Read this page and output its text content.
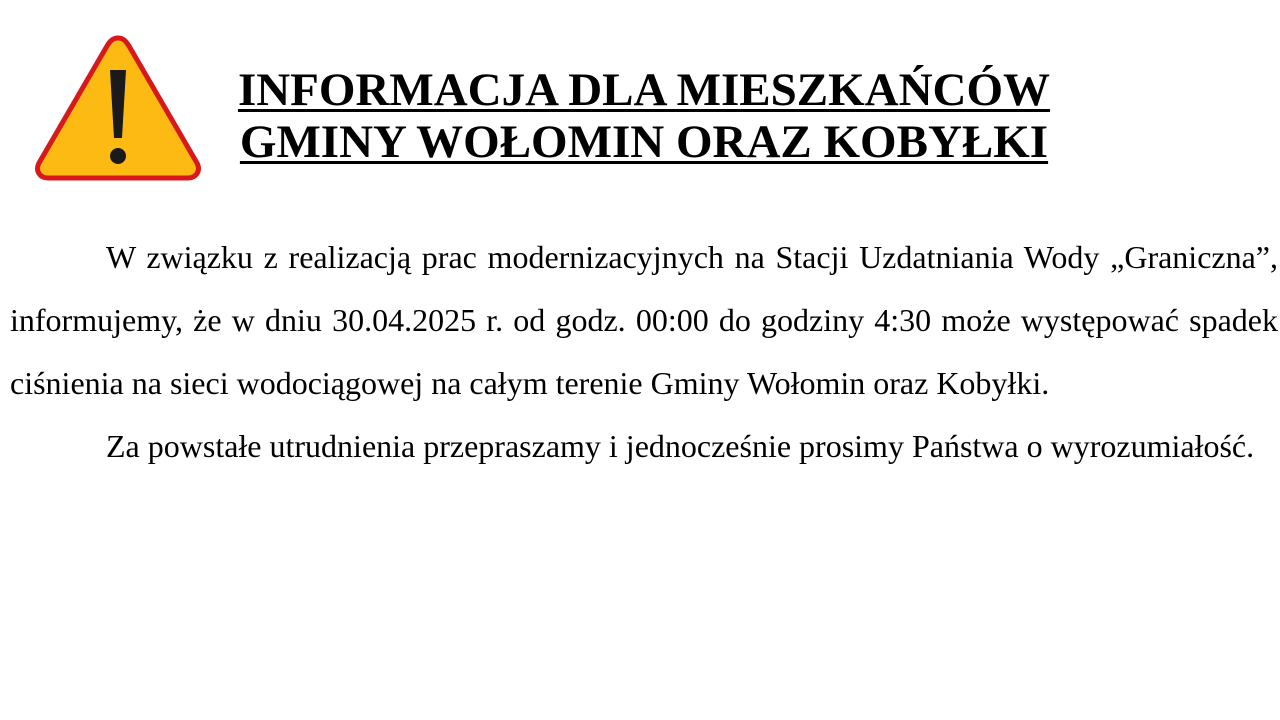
INFORMACJA DLA MIESZKAŃCÓW
GMINY WOŁOMIN ORAZ KOBYŁKI

W związku z realizacją prac modernizacyjnych na Stacji Uzdatniania Wody „Graniczna”, informujemy, że w dniu 30.04.2025 r. od godz. 00:00 do godziny 4:30 może występować spadek ciśnienia na sieci wodociągowej na całym terenie Gminy Wołomin oraz Kobyłki.

Za powstałe utrudnienia przepraszamy i jednocześnie prosimy Państwa o wyrozumiałość.
